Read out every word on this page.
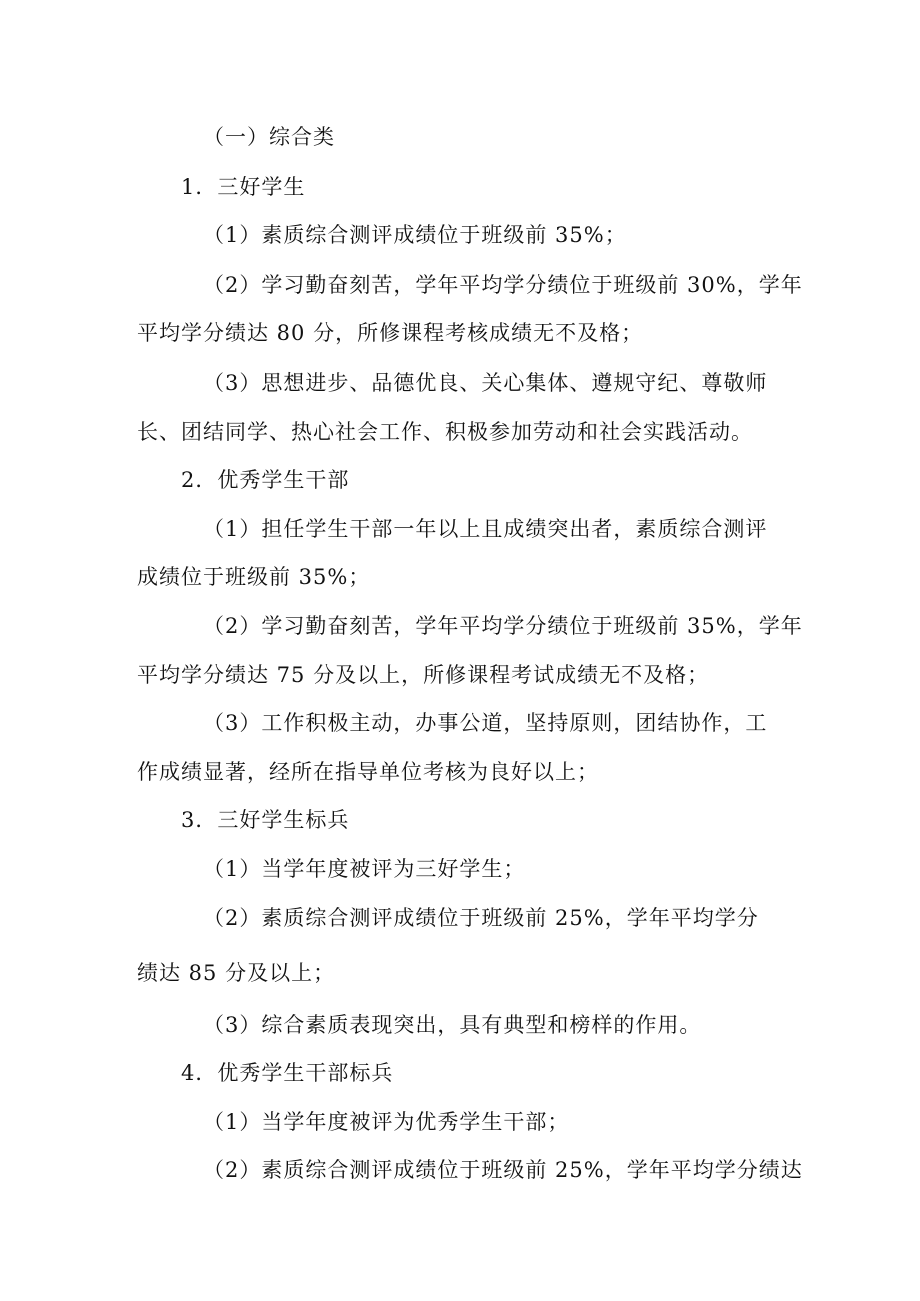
（一）综合类

1．三好学生

（1）素质综合测评成绩位于班级前 35%；

（2）学习勤奋刻苦，学年平均学分绩位于班级前 30%，学年

平均学分绩达 80 分，所修课程考核成绩无不及格；

（3）思想进步、品德优良、关心集体、遵规守纪、尊敬师

长、团结同学、热心社会工作、积极参加劳动和社会实践活动。

2．优秀学生干部

（1）担任学生干部一年以上且成绩突出者，素质综合测评

成绩位于班级前 35%；

（2）学习勤奋刻苦，学年平均学分绩位于班级前 35%，学年

平均学分绩达 75 分及以上，所修课程考试成绩无不及格；

（3）工作积极主动，办事公道，坚持原则，团结协作，工

作成绩显著，经所在指导单位考核为良好以上；

3．三好学生标兵

（1）当学年度被评为三好学生；

（2）素质综合测评成绩位于班级前 25%，学年平均学分

绩达 85 分及以上；

（3）综合素质表现突出，具有典型和榜样的作用。

4．优秀学生干部标兵

（1）当学年度被评为优秀学生干部；

（2）素质综合测评成绩位于班级前 25%，学年平均学分绩达
